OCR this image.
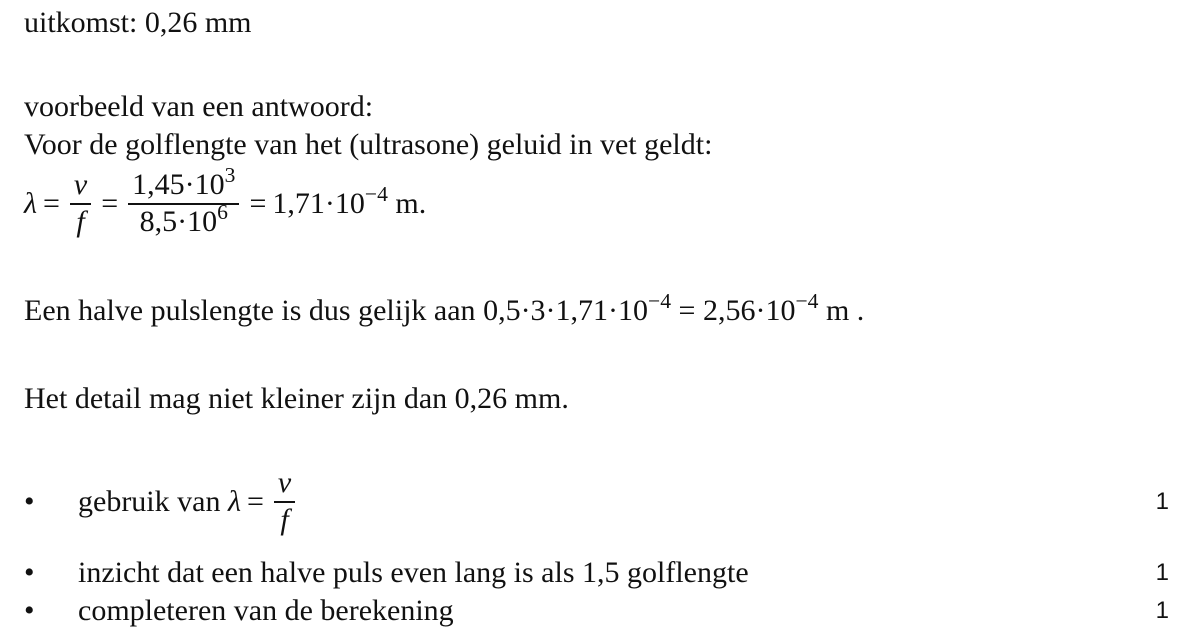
uitkomst: 0,26 mm
voorbeeld van een antwoord:
Voor de golflengte van het (ultrasone) geluid in vet geldt:
$\lambda = \frac{v}{f} = \frac{1,45\cdot 10^3}{8,5\cdot 10^6} = 1,71\cdot 10^{-4}$ m.
Een halve pulslengte is dus gelijk aan $0,5\cdot 3\cdot 1,71\cdot 10^{-4} = 2,56\cdot 10^{-4}$ m .
Het detail mag niet kleiner zijn dan 0,26 mm.
•	gebruik van $\lambda = \frac{v}{f}$	1
•	inzicht dat een halve puls even lang is als 1,5 golflengte	1
•	completeren van de berekening	1
